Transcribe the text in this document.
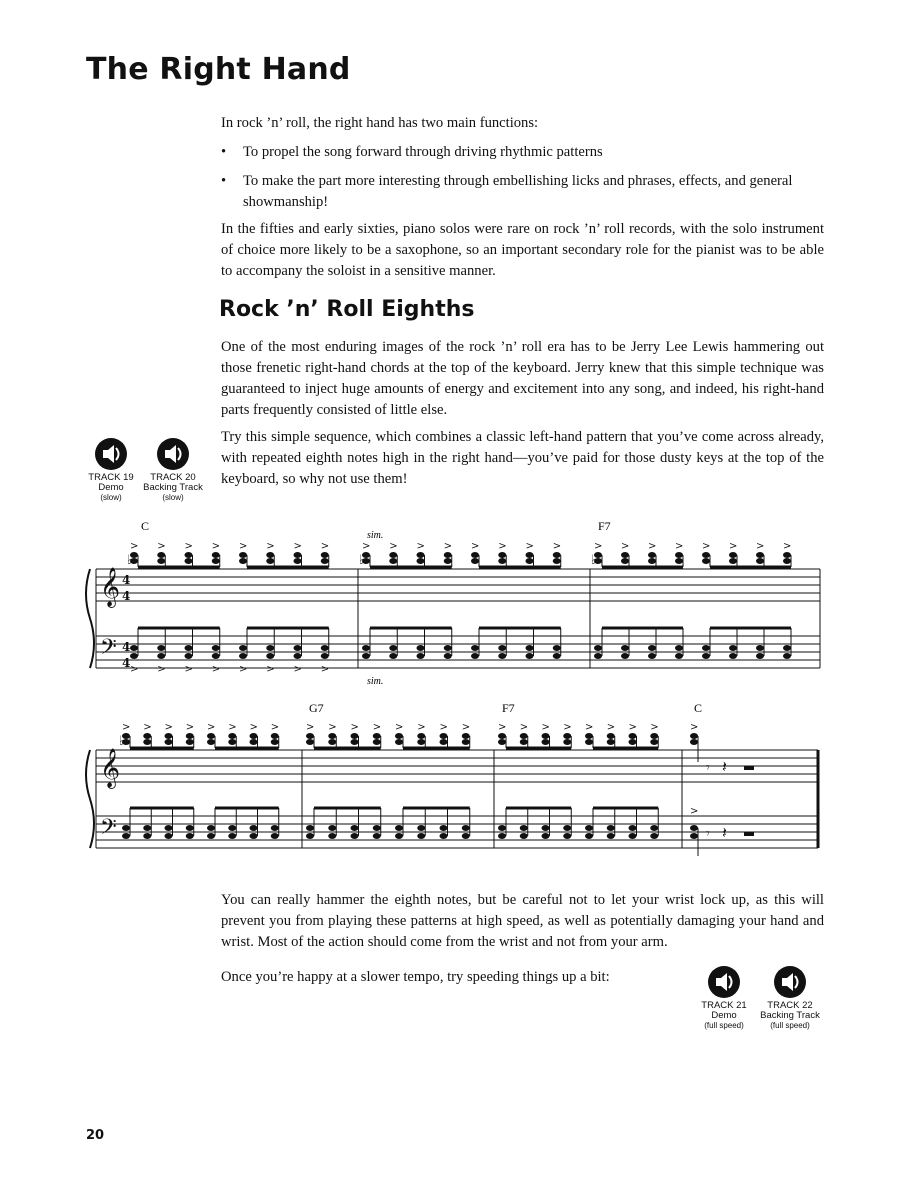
The Right Hand

In rock ’n’ roll, the right hand has two main functions:

• To propel the song forward through driving rhythmic patterns
• To make the part more interesting through embellishing licks and phrases, effects, and general showmanship!

In the fifties and early sixties, piano solos were rare on rock ’n’ roll records, with the solo instrument of choice more likely to be a saxophone, so an important secondary role for the pianist was to be able to accompany the soloist in a sensitive manner.

Rock ’n’ Roll Eighths

One of the most enduring images of the rock ’n’ roll era has to be Jerry Lee Lewis hammering out those frenetic right-hand chords at the top of the keyboard. Jerry knew that this simple technique was guaranteed to inject huge amounts of energy and excitement into any song, and indeed, his right-hand parts frequently consisted of little else.

Try this simple sequence, which combines a classic left-hand pattern that you’ve come across already, with repeated eighth notes high in the right hand—you’ve paid for those dusty keys at the top of the keyboard, so why not use them!

TRACK 19
Demo
(slow)
TRACK 20
Backing Track
(slow)
C	F7
sim.
sim.
G7	F7	C
𝄞
𝄢
4
4
4
4
>
>
>
>
>
>
>
>
>
>
>
>
>
>
>
>
♭
> > > > > > > >
♭
> > > > > > > >
♭
𝄞
𝄢
> > > > > > > >
♭
> > > > > > > >	> > > > > > > >	>
𝄾 𝄽
>
𝄾 𝄽

You can really hammer the eighth notes, but be careful not to let your wrist lock up, as this will prevent you from playing these patterns at high speed, as well as potentially damaging your hand and wrist. Most of the action should come from the wrist and not from your arm.

Once you’re happy at a slower tempo, try speeding things up a bit:

TRACK 21
Demo
(full speed)
TRACK 22
Backing Track
(full speed)
20
